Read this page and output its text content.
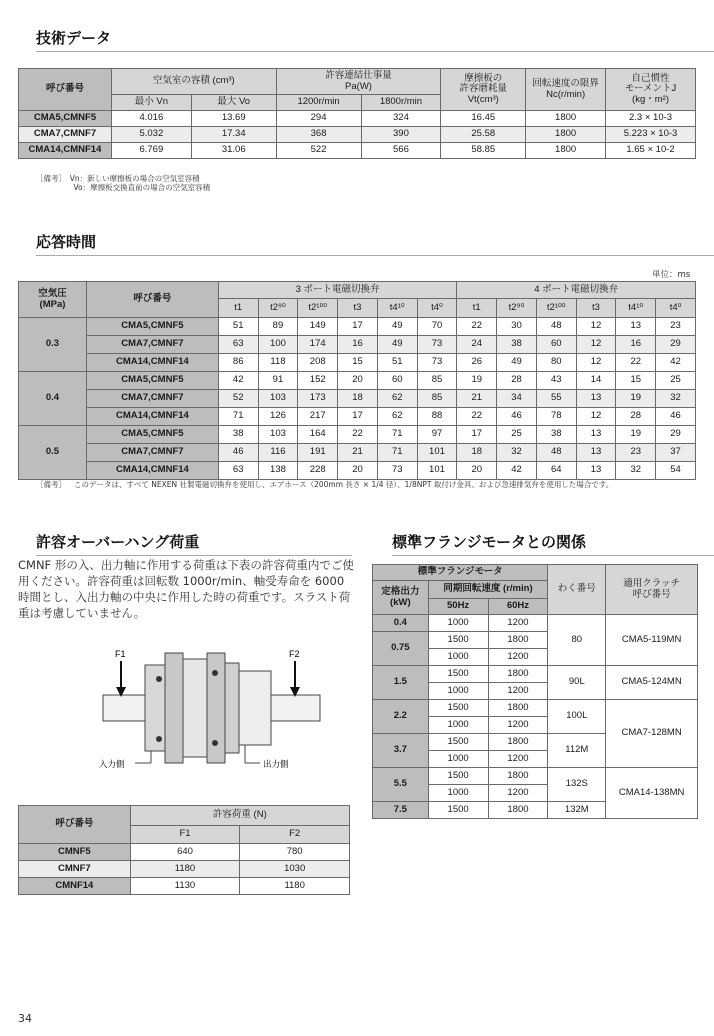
技術データ
呼び番号	空気室の容積 (cm³)		許容連結仕事量
Pa(W)		摩擦板の
許容磨耗量
Vt(cm³)	回転速度の限界
Nc(r/min)	自己慣性
モーメントJ
(kg・m²)
	最小 Vn	最大 Vo	1200r/min	1800r/min			
CMA5,CMNF5	4.016	13.69	294	324	16.45	1800	2.3 × 10-3
CMA7,CMNF7	5.032	17.34	368	390	25.58	1800	5.223 × 10-3
CMA14,CMNF14	6.769	31.06	522	566	58.85	1800	1.65 × 10-2
［備考］　Vn：新しい摩擦板の場合の空気室容積
　　　　　Vo：摩擦板交換直前の場合の空気室容積
応答時間
単位：ms
空気圧
(MPa)	呼び番号	3 ポート電磁切換弁						4 ポート電磁切換弁					
		t1	t2⁹⁰	t2¹⁰⁰	t3	t4¹⁰	t4⁰	t1	t2⁹⁰	t2¹⁰⁰	t3	t4¹⁰	t4⁰
0.3	CMA5,CMNF5	51	89	149	17	49	70	22	30	48	12	13	23
	CMA7,CMNF7	63	100	174	16	49	73	24	38	60	12	16	29
	CMA14,CMNF14	86	118	208	15	51	73	26	49	80	12	22	42
0.4	CMA5,CMNF5	42	91	152	20	60	85	19	28	43	14	15	25
	CMA7,CMNF7	52	103	173	18	62	85	21	34	55	13	19	32
	CMA14,CMNF14	71	126	217	17	62	88	22	46	78	12	28	46
0.5	CMA5,CMNF5	38	103	164	22	71	97	17	25	38	13	19	29
	CMA7,CMNF7	46	116	191	21	71	101	18	32	48	13	23	37
	CMA14,CMNF14	63	138	228	20	73	101	20	42	64	13	32	54
［備考］	このデータは、すべて NEXEN 社製電磁切換弁を使用し、エアホース（200mm 長さ × 1/4 径）、1/8NPT 取付け金具、および急速排気弁を使用した場合です。
許容オーバーハング荷重
CMNF 形の入、出力軸に作用する荷重は下表の許容荷重内でご使用ください。許容荷重は回転数 1000r/min、軸受寿命を 6000 時間とし、入出力軸の中央に作用した時の荷重です。スラスト荷重は考慮していません。
F1	F2
入力側	出力側
呼び番号	許容荷重 (N)	
	F1	F2
CMNF5	640	780
CMNF7	1180	1030
CMNF14	1130	1180
標準フランジモータとの関係
標準フランジモータ			わく番号	適用クラッチ
呼び番号
定格出力
(kW)	同期回転速度 (r/min)			
	50Hz	60Hz		
0.4	1000	1200	80	CMA5-119MN
0.75	1500	1800		
	1000	1200		
1.5	1500	1800	90L	CMA5-124MN
	1000	1200		
2.2	1500	1800	100L	CMA7-128MN
	1000	1200		
3.7	1500	1800	112M	
	1000	1200		
5.5	1500	1800	132S	CMA14-138MN
	1000	1200		
7.5	1500	1800	132M	
34
